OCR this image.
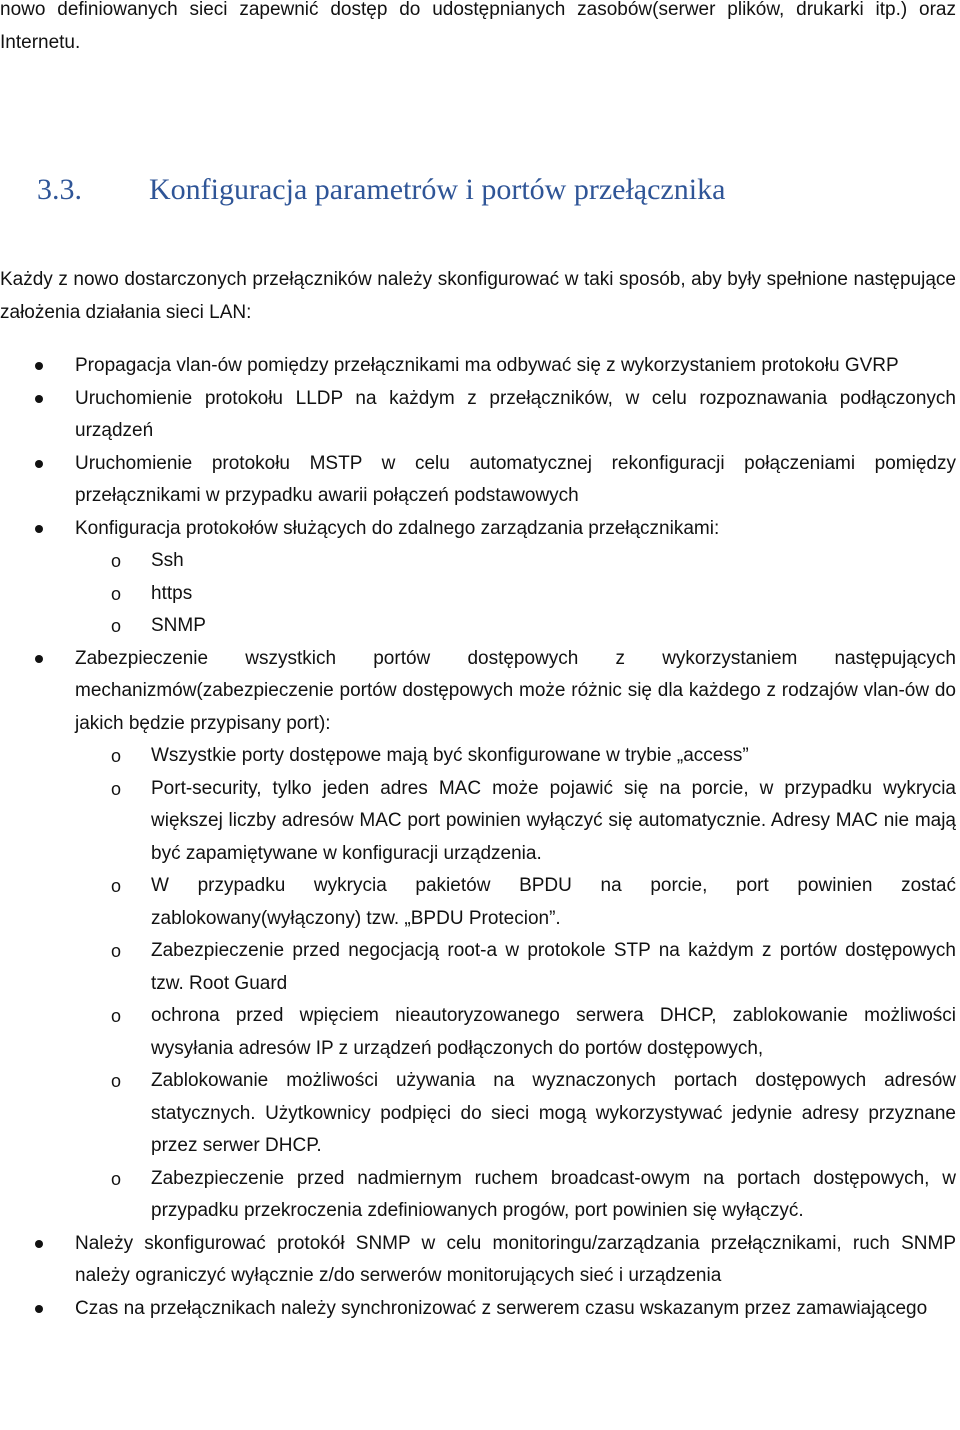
nowo definiowanych sieci zapewnić dostęp do udostępnianych zasobów(serwer plików, drukarki itp.) oraz Internetu.

3.3. Konfiguracja parametrów i portów przełącznika

Każdy z nowo dostarczonych przełączników należy skonfigurować w taki sposób, aby były spełnione następujące założenia działania sieci LAN:

Propagacja vlan-ów pomiędzy przełącznikami ma odbywać się z wykorzystaniem protokołu GVRP
Uruchomienie protokołu LLDP na każdym z przełączników, w celu rozpoznawania podłączonych urządzeń
Uruchomienie protokołu MSTP w celu automatycznej rekonfiguracji połączeniami pomiędzy przełącznikami w przypadku awarii połączeń podstawowych
Konfiguracja protokołów służących do zdalnego zarządzania przełącznikami:
o	Ssh
o	https
o	SNMP
Zabezpieczenie wszystkich portów dostępowych z wykorzystaniem następujących mechanizmów(zabezpieczenie portów dostępowych może różnic się dla każdego z rodzajów vlan-ów do jakich będzie przypisany port):
o	Wszystkie porty dostępowe mają być skonfigurowane w trybie „access”
o	Port-security, tylko jeden adres MAC może pojawić się na porcie, w przypadku wykrycia większej liczby adresów MAC port powinien wyłączyć się automatycznie. Adresy MAC nie mają być zapamiętywane w konfiguracji urządzenia.
o	W przypadku wykrycia pakietów BPDU na porcie, port powinien zostać zablokowany(wyłączony) tzw. „BPDU Protecion”.
o	Zabezpieczenie przed negocjacją root-a w protokole STP na każdym z portów dostępowych tzw. Root Guard
o	ochrona przed wpięciem nieautoryzowanego serwera DHCP, zablokowanie możliwości wysyłania adresów IP z urządzeń podłączonych do portów dostępowych,
o	Zablokowanie możliwości używania na wyznaczonych portach dostępowych adresów statycznych. Użytkownicy podpięci do sieci mogą wykorzystywać jedynie adresy przyznane przez serwer DHCP.
o	Zabezpieczenie przed nadmiernym ruchem broadcast-owym na portach dostępowych, w przypadku przekroczenia zdefiniowanych progów, port powinien się wyłączyć.
Należy skonfigurować protokół SNMP w celu monitoringu/zarządzania przełącznikami, ruch SNMP należy ograniczyć wyłącznie z/do serwerów monitorujących sieć i urządzenia
Czas na przełącznikach należy synchronizować z serwerem czasu wskazanym przez zamawiającego
